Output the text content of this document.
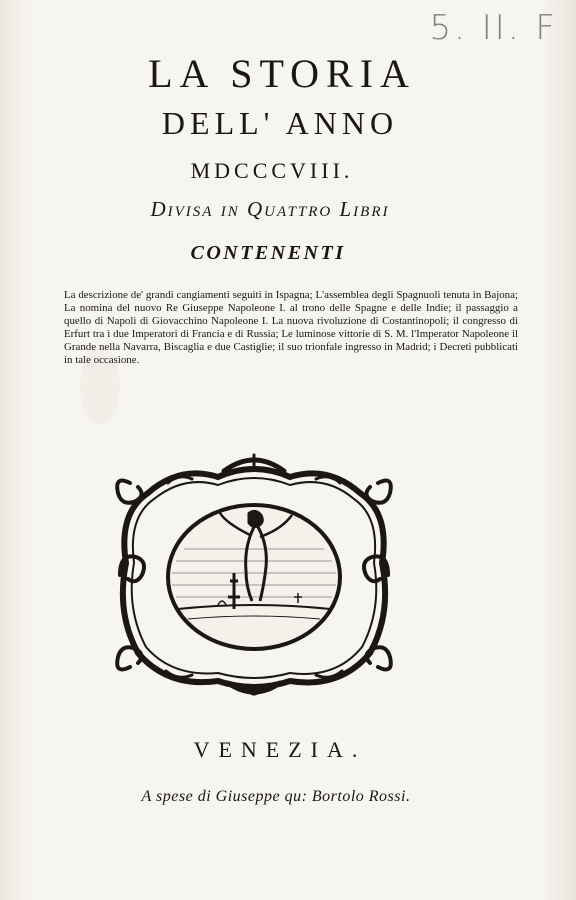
5. II. F
LA STORIA
DELL' ANNO
MDCCCVIII.
Divisa in Quattro Libri
CONTENENTI
La descrizione de' grandi cangiamenti seguiti in Ispagna; L'assemblea degli Spagnuoli tenuta in Bajona; La nomina del nuovo Re Giuseppe Napoleone I. al trono delle Spagne e delle Indie; il passaggio a quello di Napoli di Giovacchino Napoleone I. La nuova rivoluzione di Costantinopoli; il congresso di Erfurt tra i due Imperatori di Francia e di Russia; Le luminose vittorie di S. M. l'Imperator Napoleone il Grande nella Navarra, Biscaglia e due Castiglie; il suo trionfale ingresso in Madrid; i Decreti pubblicati in tale occasione.
VENEZIA.
A spese di Giuseppe qu: Bortolo Rossi.
